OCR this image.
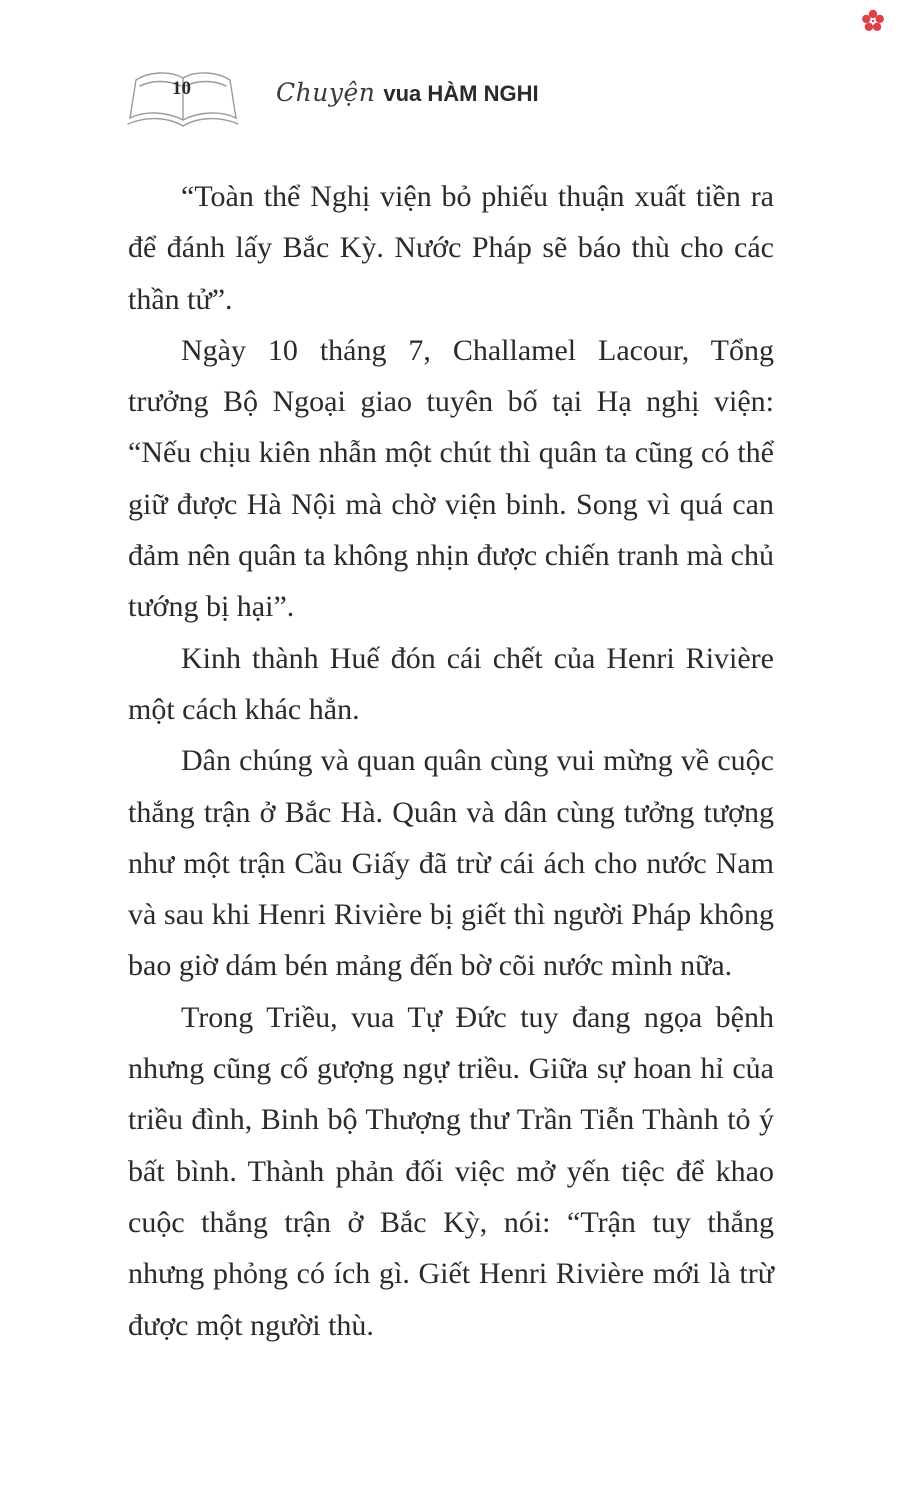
10	Chuyện vua HÀM NGHI

“Toàn thể Nghị viện bỏ phiếu thuận xuất tiền ra để đánh lấy Bắc Kỳ. Nước Pháp sẽ báo thù cho các thần tử”.

Ngày 10 tháng 7, Challamel Lacour, Tổng trưởng Bộ Ngoại giao tuyên bố tại Hạ nghị viện: “Nếu chịu kiên nhẫn một chút thì quân ta cũng có thể giữ được Hà Nội mà chờ viện binh. Song vì quá can đảm nên quân ta không nhịn được chiến tranh mà chủ tướng bị hại”.

Kinh thành Huế đón cái chết của Henri Rivière một cách khác hẳn.

Dân chúng và quan quân cùng vui mừng về cuộc thắng trận ở Bắc Hà. Quân và dân cùng tưởng tượng như một trận Cầu Giấy đã trừ cái ách cho nước Nam và sau khi Henri Rivière bị giết thì người Pháp không bao giờ dám bén mảng đến bờ cõi nước mình nữa.

Trong Triều, vua Tự Đức tuy đang ngọa bệnh nhưng cũng cố gượng ngự triều. Giữa sự hoan hỉ của triều đình, Binh bộ Thượng thư Trần Tiễn Thành tỏ ý bất bình. Thành phản đối việc mở yến tiệc để khao cuộc thắng trận ở Bắc Kỳ, nói: “Trận tuy thắng nhưng phỏng có ích gì. Giết Henri Rivière mới là trừ được một người thù.
